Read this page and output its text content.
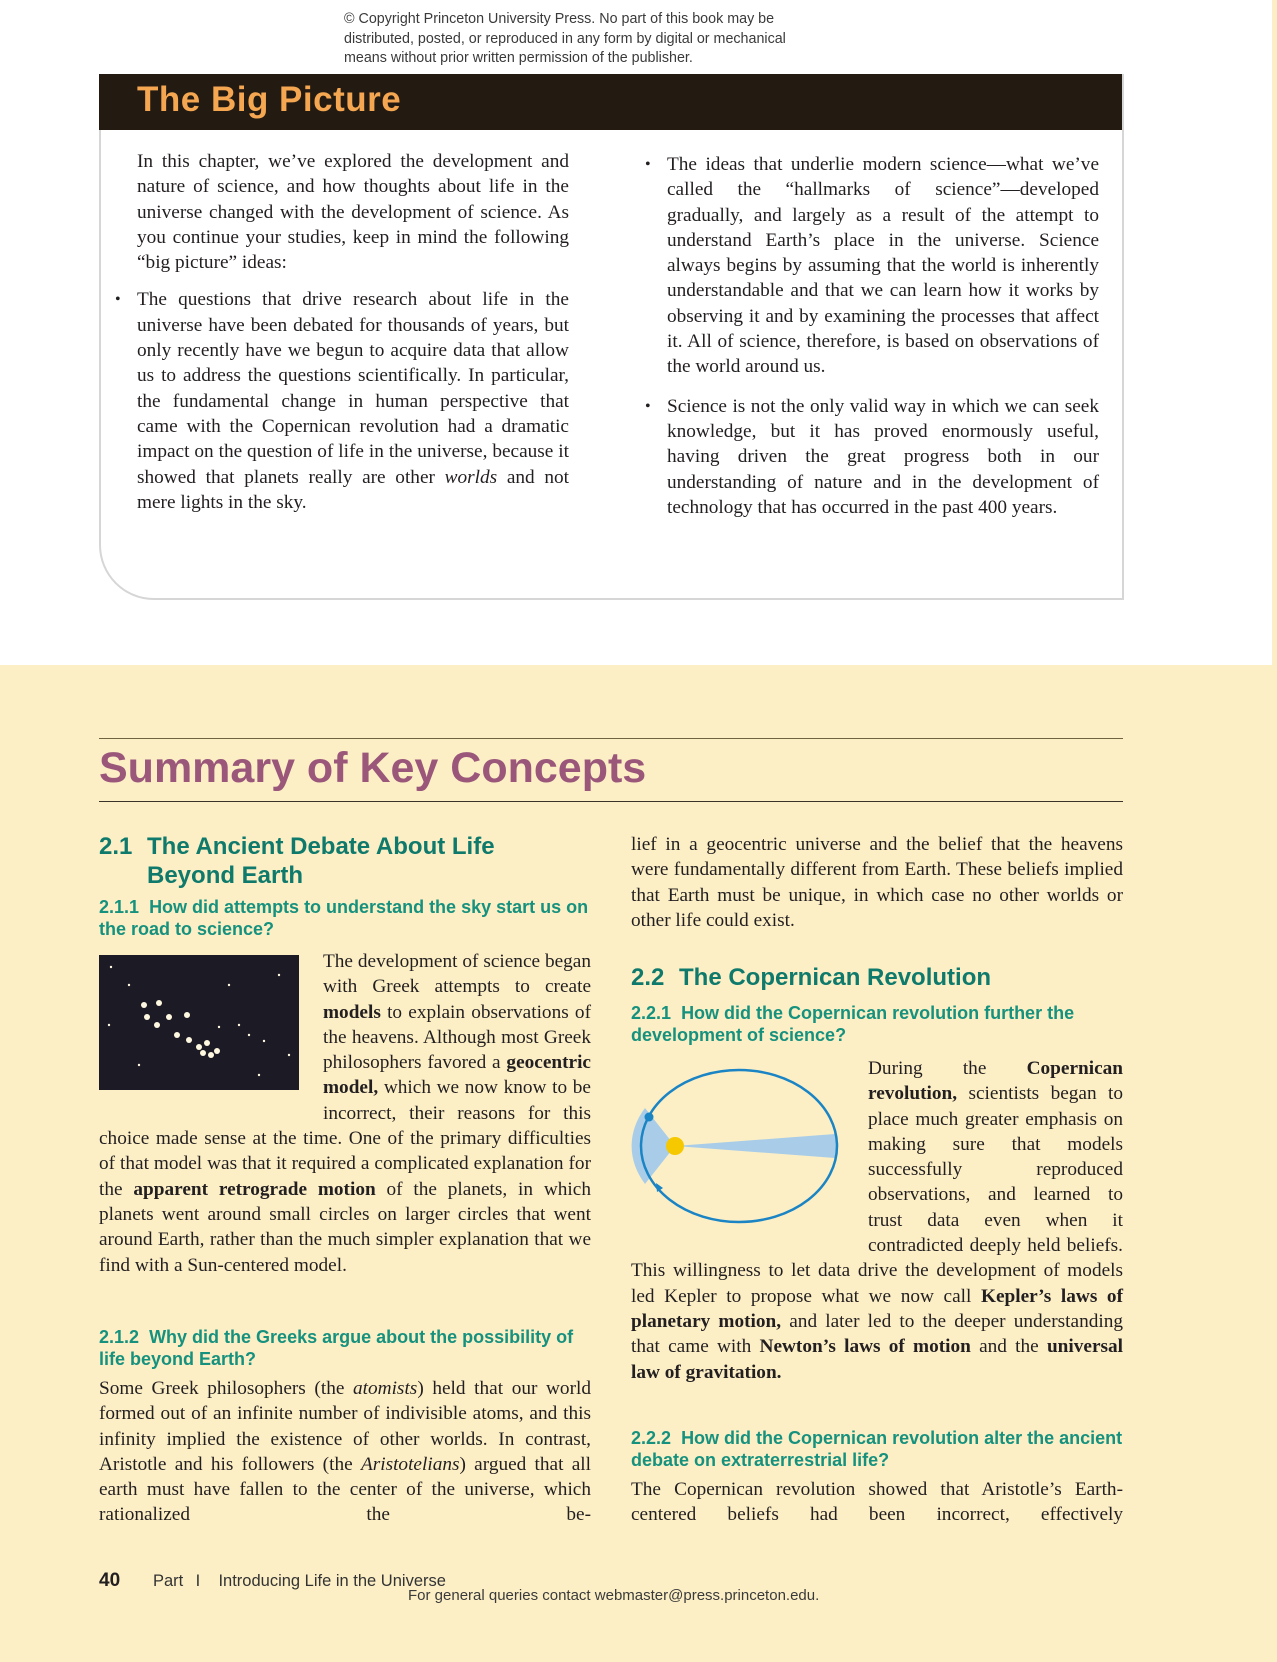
© Copyright Princeton University Press. No part of this book may be
distributed, posted, or reproduced in any form by digital or mechanical
means without prior written permission of the publisher.
The Big Picture

In this chapter, we’ve explored the development and nature of science, and how thoughts about life in the universe changed with the development of science. As you continue your studies, keep in mind the following “big picture” ideas:

• The questions that drive research about life in the universe have been debated for thousands of years, but only recently have we begun to acquire data that allow us to address the questions scientifically. In particular, the fundamental change in human perspective that came with the Copernican revolution had a dramatic impact on the question of life in the universe, because it showed that planets really are other worlds and not mere lights in the sky.

• The ideas that underlie modern science—what we’ve called the “hallmarks of science”—developed gradually, and largely as a result of the attempt to understand Earth’s place in the universe. Science always begins by assuming that the world is inherently understandable and that we can learn how it works by observing it and by examining the processes that affect it. All of science, therefore, is based on observations of the world around us.

• Science is not the only valid way in which we can seek knowledge, but it has proved enormously useful, having driven the great progress both in our understanding of nature and in the development of technology that has occurred in the past 400 years.

Summary of Key Concepts
2.1 The Ancient Debate About Life
Beyond Earth
2.1.1 How did attempts to understand the sky start us on the road to science?

The development of science began with Greek attempts to create models to explain observations of the heavens. Although most Greek philosophers favored a geocentric model, which we now know to be incorrect, their reasons for this choice made sense at the time. One of the primary difficulties of that model was that it required a complicated explanation for the apparent retrograde motion of the planets, in which planets went around small circles on larger circles that went around Earth, rather than the much simpler explanation that we find with a Sun-centered model.

2.1.2 Why did the Greeks argue about the possibility of life beyond Earth?

Some Greek philosophers (the atomists) held that our world formed out of an infinite number of indivisible atoms, and this infinity implied the existence of other worlds. In contrast, Aristotle and his followers (the Aristotelians) argued that all earth must have fallen to the center of the universe, which rationalized the be-

lief in a geocentric universe and the belief that the heavens were fundamentally different from Earth. These beliefs implied that Earth must be unique, in which case no other worlds or other life could exist.

2.2 The Copernican Revolution
2.2.1 How did the Copernican revolution further the development of science?

During the Copernican revolution, scientists began to place much greater emphasis on making sure that models successfully reproduced observations, and learned to trust data even when it contradicted deeply held beliefs. This willingness to let data drive the development of models led Kepler to propose what we now call Kepler’s laws of planetary motion, and later led to the deeper understanding that came with Newton’s laws of motion and the universal law of gravitation.

2.2.2 How did the Copernican revolution alter the ancient debate on extraterrestrial life?

The Copernican revolution showed that Aristotle’s Earth-centered beliefs had been incorrect, effectively

40 Part I Introducing Life in the Universe
For general queries contact webmaster@press.princeton.edu.
